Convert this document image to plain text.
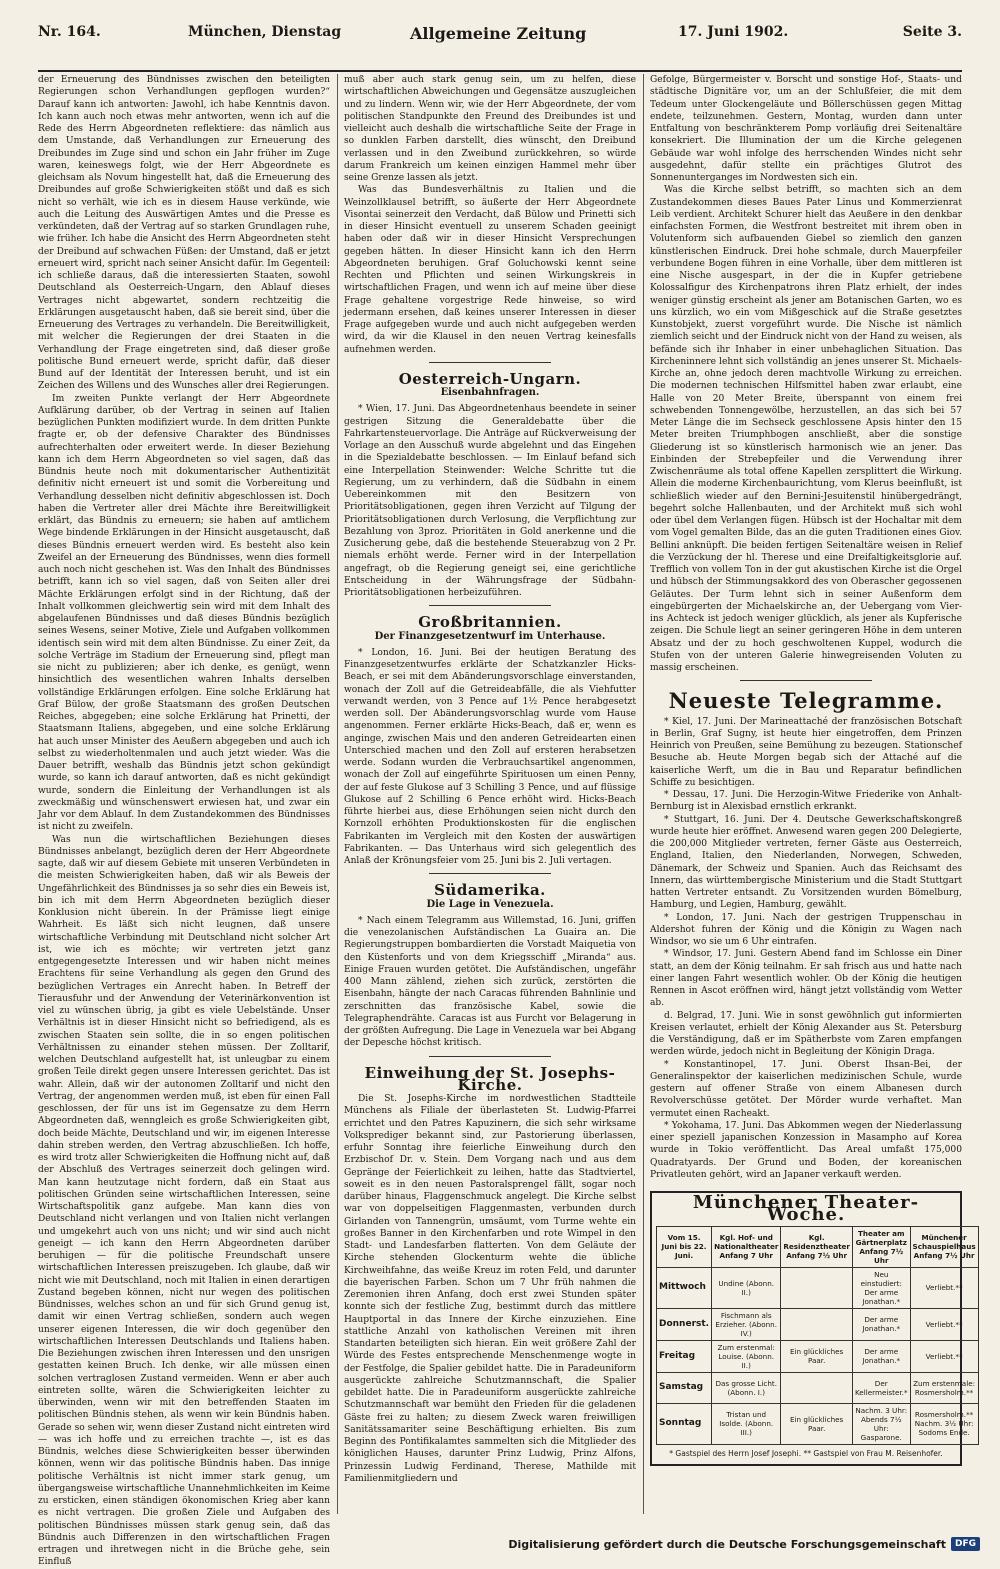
Nr. 164.	München, Dienstag	Allgemeine Zeitung	17. Juni 1902.	Seite 3.

der Erneuerung des Bündnisses zwischen den beteiligten Regierungen schon Verhandlungen gepflogen wurden?“ Darauf kann ich antworten: Jawohl, ich habe Kenntnis davon. Ich kann auch noch etwas mehr antworten, wenn ich auf die Rede des Herrn Abgeordneten reflektiere: das nämlich aus dem Umstande, daß Verhandlungen zur Erneuerung des Dreibundes im Zuge sind und schon ein Jahr früher im Zuge waren, keineswegs folgt, wie der Herr Abgeordnete es gleichsam als Novum hingestellt hat, daß die Erneuerung des Dreibundes auf große Schwierigkeiten stößt und daß es sich nicht so verhält, wie ich es in diesem Hause verkünde, wie auch die Leitung des Auswärtigen Amtes und die Presse es verkündeten, daß der Vertrag auf so starken Grundlagen ruhe, wie früher. Ich habe die Ansicht des Herrn Abgeordneten steht der Dreibund auf schwachen Füßen: der Umstand, daß er jetzt erneuert wird, spricht nach seiner Ansicht dafür. Im Gegenteil: ich schließe daraus, daß die interessierten Staaten, sowohl Deutschland als Oesterreich-Ungarn, den Ablauf dieses Vertrages nicht abgewartet, sondern rechtzeitig die Erklärungen ausgetauscht haben, daß sie bereit sind, über die Erneuerung des Vertrages zu verhandeln. Die Bereitwilligkeit, mit welcher die Regierungen der drei Staaten in die Verhandlung der Frage eingetreten sind, daß dieser große politische Bund erneuert werde, spricht dafür, daß dieser Bund auf der Identität der Interessen beruht, und ist ein Zeichen des Willens und des Wunsches aller drei Regierungen.

Im zweiten Punkte verlangt der Herr Abgeordnete Aufklärung darüber, ob der Vertrag in seinen auf Italien bezüglichen Punkten modifiziert wurde. In dem dritten Punkte fragte er, ob der defensive Charakter des Bündnisses aufrechterhalten oder erweitert werde. In dieser Beziehung kann ich dem Herrn Abgeordneten so viel sagen, daß das Bündnis heute noch mit dokumentarischer Authentizität definitiv nicht erneuert ist und somit die Vorbereitung und Verhandlung desselben nicht definitiv abgeschlossen ist. Doch haben die Vertreter aller drei Mächte ihre Bereitwilligkeit erklärt, das Bündnis zu erneuern; sie haben auf amtlichem Wege bindende Erklärungen in der Hinsicht ausgetauscht, daß dieses Bündnis erneuert werden wird. Es besteht also kein Zweifel an der Erneuerung des Bündnisses, wenn dies formell auch noch nicht geschehen ist. Was den Inhalt des Bündnisses betrifft, kann ich so viel sagen, daß von Seiten aller drei Mächte Erklärungen erfolgt sind in der Richtung, daß der Inhalt vollkommen gleichwertig sein wird mit dem Inhalt des abgelaufenen Bündnisses und daß dieses Bündnis bezüglich seines Wesens, seiner Motive, Ziele und Aufgaben vollkommen identisch sein wird mit dem alten Bündnisse. Zu einer Zeit, da solche Verträge im Stadium der Erneuerung sind, pflegt man sie nicht zu publizieren; aber ich denke, es genügt, wenn hinsichtlich des wesentlichen wahren Inhalts derselben vollständige Erklärungen erfolgen. Eine solche Erklärung hat Graf Bülow, der große Staatsmann des großen Deutschen Reiches, abgegeben; eine solche Erklärung hat Prinetti, der Staatsmann Italiens, abgegeben, und eine solche Erklärung hat auch unser Minister des Aeußern abgegeben und auch ich selbst zu wiederholtenmalen und auch jetzt wieder. Was die Dauer betrifft, weshalb das Bündnis jetzt schon gekündigt wurde, so kann ich darauf antworten, daß es nicht gekündigt wurde, sondern die Einleitung der Verhandlungen ist als zweckmäßig und wünschenswert erwiesen hat, und zwar ein Jahr vor dem Ablauf. In dem Zustandekommen des Bündnisses ist nicht zu zweifeln.

Was nun die wirtschaftlichen Beziehungen dieses Bündnisses anbelangt, bezüglich deren der Herr Abgeordnete sagte, daß wir auf diesem Gebiete mit unseren Verbündeten in die meisten Schwierigkeiten haben, daß wir als Beweis der Ungefährlichkeit des Bündnisses ja so sehr dies ein Beweis ist, bin ich mit dem Herrn Abgeordneten bezüglich dieser Konklusion nicht überein. In der Prämisse liegt einige Wahrheit. Es läßt sich nicht leugnen, daß unsere wirtschaftliche Verbindung mit Deutschland nicht solcher Art ist, wie ich es möchte; wir vertreten jetzt ganz entgegengesetzte Interessen und wir haben nicht meines Erachtens für seine Verhandlung als gegen den Grund des bezüglichen Vertrages ein Anrecht haben. In Betreff der Tierausfuhr und der Anwendung der Veterinärkonvention ist viel zu wünschen übrig, ja gibt es viele Uebelstände. Unser Verhältnis ist in dieser Hinsicht nicht so befriedigend, als es zwischen Staaten sein sollte, die in so engen politischen Verhältnissen zu einander stehen müssen. Der Zolltarif, welchen Deutschland aufgestellt hat, ist unleugbar zu einem großen Teile direkt gegen unsere Interessen gerichtet. Das ist wahr. Allein, daß wir der autonomen Zolltarif und nicht den Vertrag, der angenommen werden muß, ist eben für einen Fall geschlossen, der für uns ist im Gegensatze zu dem Herrn Abgeordneten daß, wenngleich es große Schwierigkeiten gibt, doch beide Mächte, Deutschland und wir, im eigenen Interesse dahin streben werden, den Vertrag abzuschließen. Ich hoffe, es wird trotz aller Schwierigkeiten die Hoffnung nicht auf, daß der Abschluß des Vertrages seinerzeit doch gelingen wird. Man kann heutzutage nicht fordern, daß ein Staat aus politischen Gründen seine wirtschaftlichen Interessen, seine Wirtschaftspolitik ganz aufgebe. Man kann dies von Deutschland nicht verlangen und von Italien nicht verlangen und umgekehrt auch von uns nicht; und wir sind auch nicht geneigt — ich kann den Herrn Abgeordneten darüber beruhigen — für die politische Freundschaft unsere wirtschaftlichen Interessen preiszugeben. Ich glaube, daß wir nicht wie mit Deutschland, noch mit Italien in einen derartigen Zustand begeben können, nicht nur wegen des politischen Bündnisses, welches schon an und für sich Grund genug ist, damit wir einen Vertrag schließen, sondern auch wegen unserer eigenen Interessen, die wir doch gegenüber den wirtschaftlichen Interessen Deutschlands und Italiens haben. Die Beziehungen zwischen ihren Interessen und den unsrigen gestatten keinen Bruch. Ich denke, wir alle müssen einen solchen vertraglosen Zustand vermeiden. Wenn er aber auch eintreten sollte, wären die Schwierigkeiten leichter zu überwinden, wenn wir mit den betreffenden Staaten im politischen Bündnis stehen, als wenn wir kein Bündnis haben. Gerade so sehen wir, wenn dieser Zustand nicht eintreten wird — was ich hoffe und zu erreichen trachte —, ist es das Bündnis, welches diese Schwierigkeiten besser überwinden können, wenn wir das politische Bündnis haben. Das innige politische Verhältnis ist nicht immer stark genug, um übergangsweise wirtschaftliche Unannehmlichkeiten im Keime zu ersticken, einen ständigen ökonomischen Krieg aber kann es nicht vertragen. Die großen Ziele und Aufgaben des politischen Bündnisses müssen stark genug sein, daß das Bündnis auch Differenzen in den wirtschaftlichen Fragen ertragen und ihretwegen nicht in die Brüche gehe, sein Einfluß

muß aber auch stark genug sein, um zu helfen, diese wirtschaftlichen Abweichungen und Gegensätze auszugleichen und zu lindern. Wenn wir, wie der Herr Abgeordnete, der vom politischen Standpunkte den Freund des Dreibundes ist und vielleicht auch deshalb die wirtschaftliche Seite der Frage in so dunklen Farben darstellt, dies wünscht, den Dreibund verlassen und in den Zweibund zurückkehren, so würde darum Frankreich um keinen einzigen Hammel mehr über seine Grenze lassen als jetzt.

Was das Bundesverhältnis zu Italien und die Weinzollklausel betrifft, so äußerte der Herr Abgeordnete Visontai seinerzeit den Verdacht, daß Bülow und Prinetti sich in dieser Hinsicht eventuell zu unserem Schaden geeinigt haben oder daß wir in dieser Hinsicht Versprechungen gegeben hätten. In dieser Hinsicht kann ich den Herrn Abgeordneten beruhigen. Graf Goluchowski kennt seine Rechten und Pflichten und seinen Wirkungskreis in wirtschaftlichen Fragen, und wenn ich auf meine über diese Frage gehaltene vorgestrige Rede hinweise, so wird jedermann ersehen, daß keines unserer Interessen in dieser Frage aufgegeben wurde und auch nicht aufgegeben werden wird, da wir die Klausel in den neuen Vertrag keinesfalls aufnehmen werden.

Oesterreich-Ungarn.
Eisenbahnfragen.

* Wien, 17. Juni. Das Abgeordnetenhaus beendete in seiner gestrigen Sitzung die Generaldebatte über die Fahrkartensteuervorlage. Die Anträge auf Rückverweisung der Vorlage an den Ausschuß wurde abgelehnt und das Eingehen in die Spezialdebatte beschlossen. — Im Einlauf befand sich eine Interpellation Steinwender: Welche Schritte tut die Regierung, um zu verhindern, daß die Südbahn in einem Uebereinkommen mit den Besitzern von Prioritätsobligationen, gegen ihren Verzicht auf Tilgung der Prioritätsobligationen durch Verlosung, die Verpflichtung zur Bezahlung von 3proz. Prioritäten in Gold anerkenne und die Zusicherung gebe, daß die bestehende Steuerabzug von 2 Pr. niemals erhöht werde. Ferner wird in der Interpellation angefragt, ob die Regierung geneigt sei, eine gerichtliche Entscheidung in der Währungsfrage der Südbahn-Prioritätsobligationen herbeizuführen.

Großbritannien.
Der Finanzgesetzentwurf im Unterhause.

* London, 16. Juni. Bei der heutigen Beratung des Finanzgesetzentwurfes erklärte der Schatzkanzler Hicks-Beach, er sei mit dem Abänderungsvorschlage einverstanden, wonach der Zoll auf die Getreideabfälle, die als Viehfutter verwandt werden, von 3 Pence auf 1½ Pence herabgesetzt werden soll. Der Abänderungsvorschlag wurde vom Hause angenommen. Ferner erklärte Hicks-Beach, daß er, wenn es anginge, zwischen Mais und den anderen Getreidearten einen Unterschied machen und den Zoll auf ersteren herabsetzen werde. Sodann wurden die Verbrauchsartikel angenommen, wonach der Zoll auf eingeführte Spirituosen um einen Penny, der auf feste Glukose auf 3 Schilling 3 Pence, und auf flüssige Glukose auf 2 Schilling 6 Pence erhöht wird. Hicks-Beach führte hierbei aus, diese Erhöhungen seien nicht durch den Kornzoll erhöhten Produktionskosten für die englischen Fabrikanten im Vergleich mit den Kosten der auswärtigen Fabrikanten. — Das Unterhaus wird sich gelegentlich des Anlaß der Krönungsfeier vom 25. Juni bis 2. Juli vertagen.

Südamerika.
Die Lage in Venezuela.

* Nach einem Telegramm aus Willemstad, 16. Juni, griffen die venezolanischen Aufständischen La Guaira an. Die Regierungstruppen bombardierten die Vorstadt Maiquetia von den Küstenforts und von dem Kriegsschiff „Miranda“ aus. Einige Frauen wurden getötet. Die Aufständischen, ungefähr 400 Mann zählend, ziehen sich zurück, zerstörten die Eisenbahn, hängte der nach Caracas führenden Bahnlinie und zerschnitten das französische Kabel, sowie die Telegraphendrähte. Caracas ist aus Furcht vor Belagerung in der größten Aufregung. Die Lage in Venezuela war bei Abgang der Depesche höchst kritisch.

Einweihung der St. Josephs-Kirche.

Die St. Josephs-Kirche im nordwestlichen Stadtteile Münchens als Filiale der überlasteten St. Ludwig-Pfarrei errichtet und den Patres Kapuzinern, die sich sehr wirksame Volksprediger bekannt sind, zur Pastorierung überlassen, erfuhr Sonntag ihre feierliche Einweihung durch den Erzbischof Dr. v. Stein. Dem Vorgang nach und aus dem Gepränge der Feierlichkeit zu leihen, hatte das Stadtviertel, soweit es in den neuen Pastoralsprengel fällt, sogar noch darüber hinaus, Flaggenschmuck angelegt. Die Kirche selbst war von doppelseitigen Flaggenmasten, verbunden durch Girlanden von Tannengrün, umsäumt, vom Turme wehte ein großes Banner in den Kirchenfarben und rote Wimpel in den Stadt- und Landesfarben flatterten. Von dem Geläute der Kirche stehenden Glockenturm wehte die übliche Kirchweihfahne, das weiße Kreuz im roten Feld, und darunter die bayerischen Farben. Schon um 7 Uhr früh nahmen die Zeremonien ihren Anfang, doch erst zwei Stunden später konnte sich der festliche Zug, bestimmt durch das mittlere Hauptportal in das Innere der Kirche einzuziehen. Eine stattliche Anzahl von katholischen Vereinen mit ihren Standarten beteiligten sich hieran. Ein weit größere Zahl der Würde des Festes entsprechende Menschenmenge wogte in der Festfolge, die Spalier gebildet hatte. Die in Paradeuniform ausgerückte zahlreiche Schutzmannschaft, die Spalier gebildet hatte. Die in Paradeuniform ausgerückte zahlreiche Schutzmannschaft war bemüht den Frieden für die geladenen Gäste frei zu halten; zu diesem Zweck waren freiwilligen Sanitätssamariter seine Beschäftigung erhielten. Bis zum Beginn des Pontifikalamtes sammelten sich die Mitglieder des königlichen Hauses, darunter Prinz Ludwig, Prinz Alfons, Prinzessin Ludwig Ferdinand, Therese, Mathilde mit Familienmitgliedern und

Gefolge, Bürgermeister v. Borscht und sonstige Hof-, Staats- und städtische Dignitäre vor, um an der Schlußfeier, die mit dem Tedeum unter Glockengeläute und Böllerschüssen gegen Mittag endete, teilzunehmen. Gestern, Montag, wurden dann unter Entfaltung von beschränkterem Pomp vorläufig drei Seitenaltäre konsekriert. Die Illumination der um die Kirche gelegenen Gebäude war wohl infolge des herrschenden Windes nicht sehr ausgedehnt, dafür stellte ein prächtiges Glutrot des Sonnenunterganges im Nordwesten sich ein.

Was die Kirche selbst betrifft, so machten sich an dem Zustandekommen dieses Baues Pater Linus und Kommerzienrat Leib verdient. Architekt Schurer hielt das Aeußere in den denkbar einfachsten Formen, die Westfront bestreitet mit ihrem oben in Volutenform sich aufbauenden Giebel so ziemlich den ganzen künstlerischen Eindruck. Drei hohe schmale, durch Mauerpfeiler verbundene Bogen führen in eine Vorhalle, über dem mittleren ist eine Nische ausgespart, in der die in Kupfer getriebene Kolossalfigur des Kirchenpatrons ihren Platz erhielt, der indes weniger günstig erscheint als jener am Botanischen Garten, wo es uns kürzlich, wo ein vom Mißgeschick auf die Straße gesetztes Kunstobjekt, zuerst vorgeführt wurde. Die Nische ist nämlich ziemlich seicht und der Eindruck nicht von der Hand zu weisen, als befände sich ihr Inhaber in einer unbehaglichen Situation. Das Kircheninnere lehnt sich vollständig an jenes unserer St. Michaels-Kirche an, ohne jedoch deren machtvolle Wirkung zu erreichen. Die modernen technischen Hilfsmittel haben zwar erlaubt, eine Halle von 20 Meter Breite, überspannt von einem frei schwebenden Tonnengewölbe, herzustellen, an das sich bei 57 Meter Länge die im Sechseck geschlossene Apsis hinter den 15 Meter breiten Triumphbogen anschließt, aber die sonstige Gliederung ist so künstlerisch harmonisch wie an jener. Das Einbinden der Strebepfeiler und die Verwendung ihrer Zwischenräume als total offene Kapellen zersplittert die Wirkung. Allein die moderne Kirchenbaurichtung, vom Klerus beeinflußt, ist schließlich wieder auf den Bernini-Jesuitenstil hinübergedrängt, begehrt solche Hallenbauten, und der Architekt muß sich wohl oder übel dem Verlangen fügen. Hübsch ist der Hochaltar mit dem vom Vogel gemalten Bilde, das an die guten Traditionen eines Giov. Bellini anknüpft. Die beiden fertigen Seitenaltäre weisen in Relief die Verzückung der hl. Therese und eine Dreifaltigkeitsglorie auf. Trefflich von vollem Ton in der gut akustischen Kirche ist die Orgel und hübsch der Stimmungsakkord des von Oberascher gegossenen Geläutes. Der Turm lehnt sich in seiner Außenform dem eingebürgerten der Michaelskirche an, der Uebergang vom Vier- ins Achteck ist jedoch weniger glücklich, als jener als Kupferische zeigen. Die Schule liegt an seiner geringeren Höhe in dem unteren Absatz und der zu hoch geschwoltenen Kuppel, wodurch die Stufen von der unteren Galerie hinwegreisenden Voluten zu massig erscheinen.

Neueste Telegramme.

* Kiel, 17. Juni. Der Marineattaché der französischen Botschaft in Berlin, Graf Sugny, ist heute hier eingetroffen, dem Prinzen Heinrich von Preußen, seine Bemühung zu bezeugen. Stationschef Besuche ab. Heute Morgen begab sich der Attaché auf die kaiserliche Werft, um die in Bau und Reparatur befindlichen Schiffe zu besichtigen.

* Dessau, 17. Juni. Die Herzogin-Witwe Friederike von Anhalt-Bernburg ist in Alexisbad ernstlich erkrankt.

* Stuttgart, 16. Juni. Der 4. Deutsche Gewerkschaftskongreß wurde heute hier eröffnet. Anwesend waren gegen 200 Delegierte, die 200,000 Mitglieder vertreten, ferner Gäste aus Oesterreich, England, Italien, den Niederlanden, Norwegen, Schweden, Dänemark, der Schweiz und Spanien. Auch das Reichsamt des Innern, das württembergische Ministerium und die Stadt Stuttgart hatten Vertreter entsandt. Zu Vorsitzenden wurden Bömelburg, Hamburg, und Legien, Hamburg, gewählt.

* London, 17. Juni. Nach der gestrigen Truppenschau in Aldershot fuhren der König und die Königin zu Wagen nach Windsor, wo sie um 6 Uhr eintrafen.

* Windsor, 17. Juni. Gestern Abend fand im Schlosse ein Diner statt, an dem der König teilnahm. Er sah frisch aus und hatte nach einer langen Fahrt wesentlich wohler. Ob der König die heutigen Rennen in Ascot eröffnen wird, hängt jetzt vollständig vom Wetter ab.

d. Belgrad, 17. Juni. Wie in sonst gewöhnlich gut informierten Kreisen verlautet, erhielt der König Alexander aus St. Petersburg die Verständigung, daß er im Spätherbste vom Zaren empfangen werden würde, jedoch nicht in Begleitung der Königin Draga.

* Konstantinopel, 17. Juni. Oberst Ihsan-Bei, der Generalinspektor der kaiserlichen medizinischen Schule, wurde gestern auf offener Straße von einem Albanesen durch Revolverschüsse getötet. Der Mörder wurde verhaftet. Man vermutet einen Racheakt.

* Yokohama, 17. Juni. Das Abkommen wegen der Niederlassung einer speziell japanischen Konzession in Masampho auf Korea wurde in Tokio veröffentlicht. Das Areal umfaßt 175,000 Quadratyards. Der Grund und Boden, der koreanischen Privatleuten gehört, wird an Japaner verkauft werden.

Münchener Theater-Woche.
Vom 15. Juni bis 22. Juni.	Kgl. Hof- und Nationaltheater Anfang 7 Uhr	Kgl. Residenztheater Anfang 7½ Uhr	Theater am Gärtnerplatz Anfang 7½ Uhr	Münchener Schauspielhaus Anfang 7½ Uhr
Mittwoch	Undine (Abonn. II.)		Neu einstudiert: Der arme Jonathan.*	Verliebt.**
Donnerst.	Fischmann als Erzieher. (Abonn. IV.)		Der arme Jonathan.*	Verliebt.**
Freitag	Zum erstenmal: Louise. (Abonn. II.)	Ein glückliches Paar.	Der arme Jonathan.*	Verliebt.**
Samstag	Das grosse Licht. (Abonn. I.)		Der Kellermeister.*	Zum erstenmale: Rosmersholm.**
Sonntag	Tristan und Isolde. (Abonn. III.)	Ein glückliches Paar.	Nachm. 3 Uhr: Abends 7½ Uhr: Gasparone.	Rosmersholm.** Nachm. 3½ Uhr: Sodoms Ende.
* Gastspiel des Herrn Josef Josephi. ** Gastspiel von Frau M. Reisenhofer.
Digitalisierung gefördert durch die Deutsche Forschungsgemeinschaft	DFG
